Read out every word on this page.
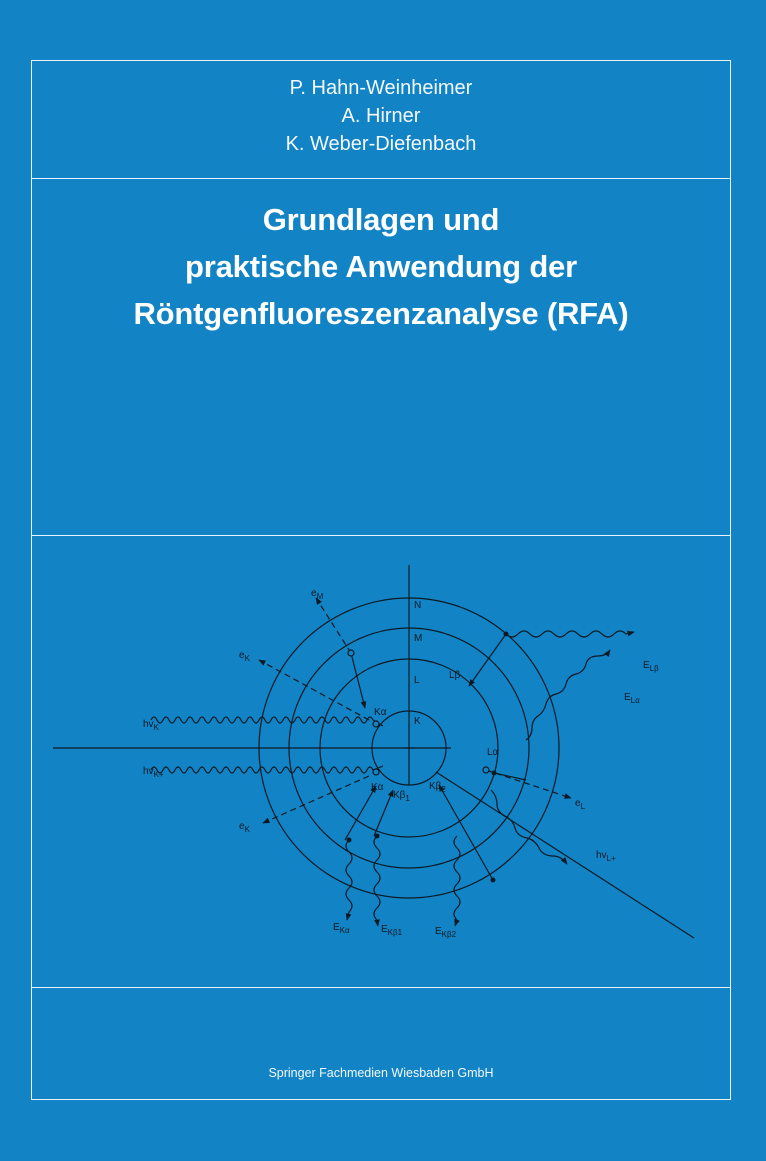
P. Hahn-Weinheimer
A. Hirner
K. Weber-Diefenbach
Grundlagen und
praktische Anwendung der
Röntgenfluoreszenzanalyse (RFA)
N
M
L
K
$e_M$
$e_K$
$e_K$
$e_L$
$hv_K$
$hv_{K+}$
$hv_{L+}$
Kα
Kα
$K\beta_1$
$K\beta_2$
Lα
Lβ
$E_{L\beta}$
$E_{L\alpha}$
$E_{K\alpha}$	$E_{K\beta 1}$	$E_{K\beta 2}$
Springer Fachmedien Wiesbaden GmbH
